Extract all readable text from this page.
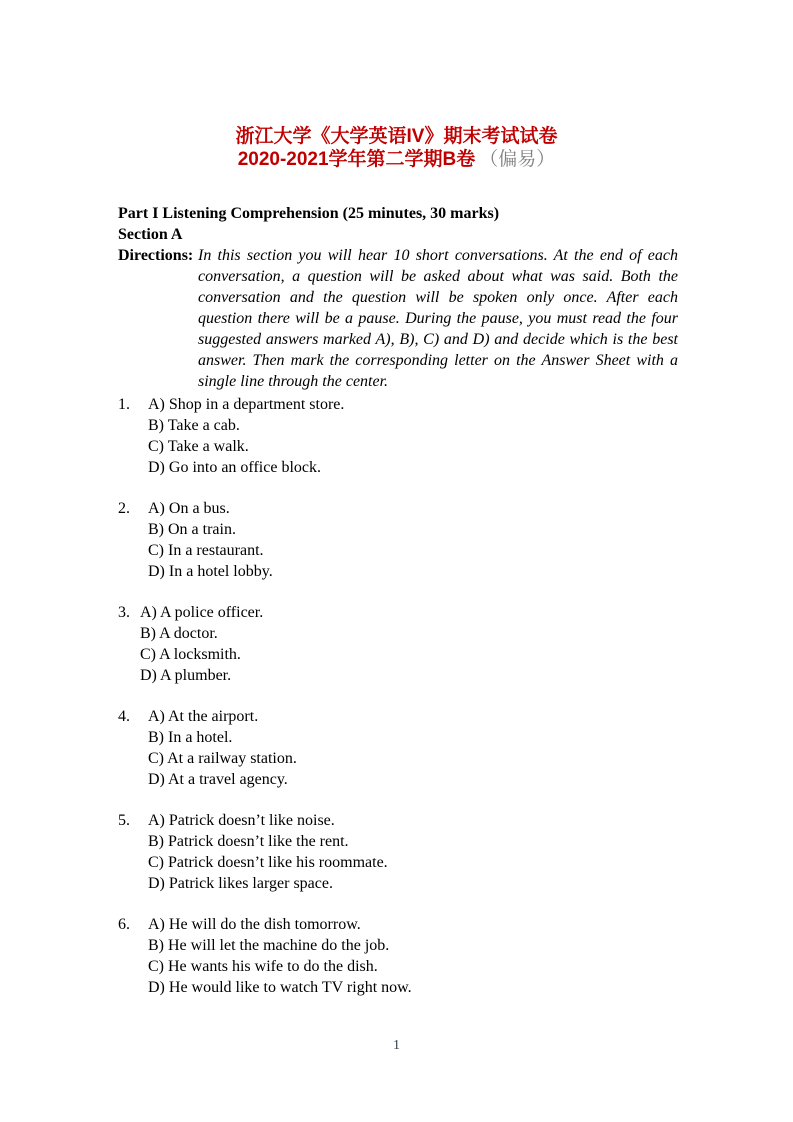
浙江大学《大学英语IV》期末考试试卷
2020-2021学年第二学期B卷 （偏易）
Part I Listening Comprehension (25 minutes, 30 marks)
Section A
Directions: In this section you will hear 10 short conversations. At the end of each conversation, a question will be asked about what was said. Both the conversation and the question will be spoken only once. After each question there will be a pause. During the pause, you must read the four suggested answers marked A), B), C) and D) and decide which is the best answer. Then mark the corresponding letter on the Answer Sheet with a single line through the center.

1.	A) Shop in a department store.
B) Take a cab.
C) Take a walk.
D) Go into an office block.
2.	A) On a bus.
B) On a train.
C) In a restaurant.
D) In a hotel lobby.
3. A) A police officer.
B) A doctor.
C) A locksmith.
D) A plumber.
4.	A) At the airport.
B) In a hotel.
C) At a railway station.
D) At a travel agency.
5.	A) Patrick doesn’t like noise.
B) Patrick doesn’t like the rent.
C) Patrick doesn’t like his roommate.
D) Patrick likes larger space.
6.	A) He will do the dish tomorrow.
B) He will let the machine do the job.
C) He wants his wife to do the dish.
D) He would like to watch TV right now.
1
